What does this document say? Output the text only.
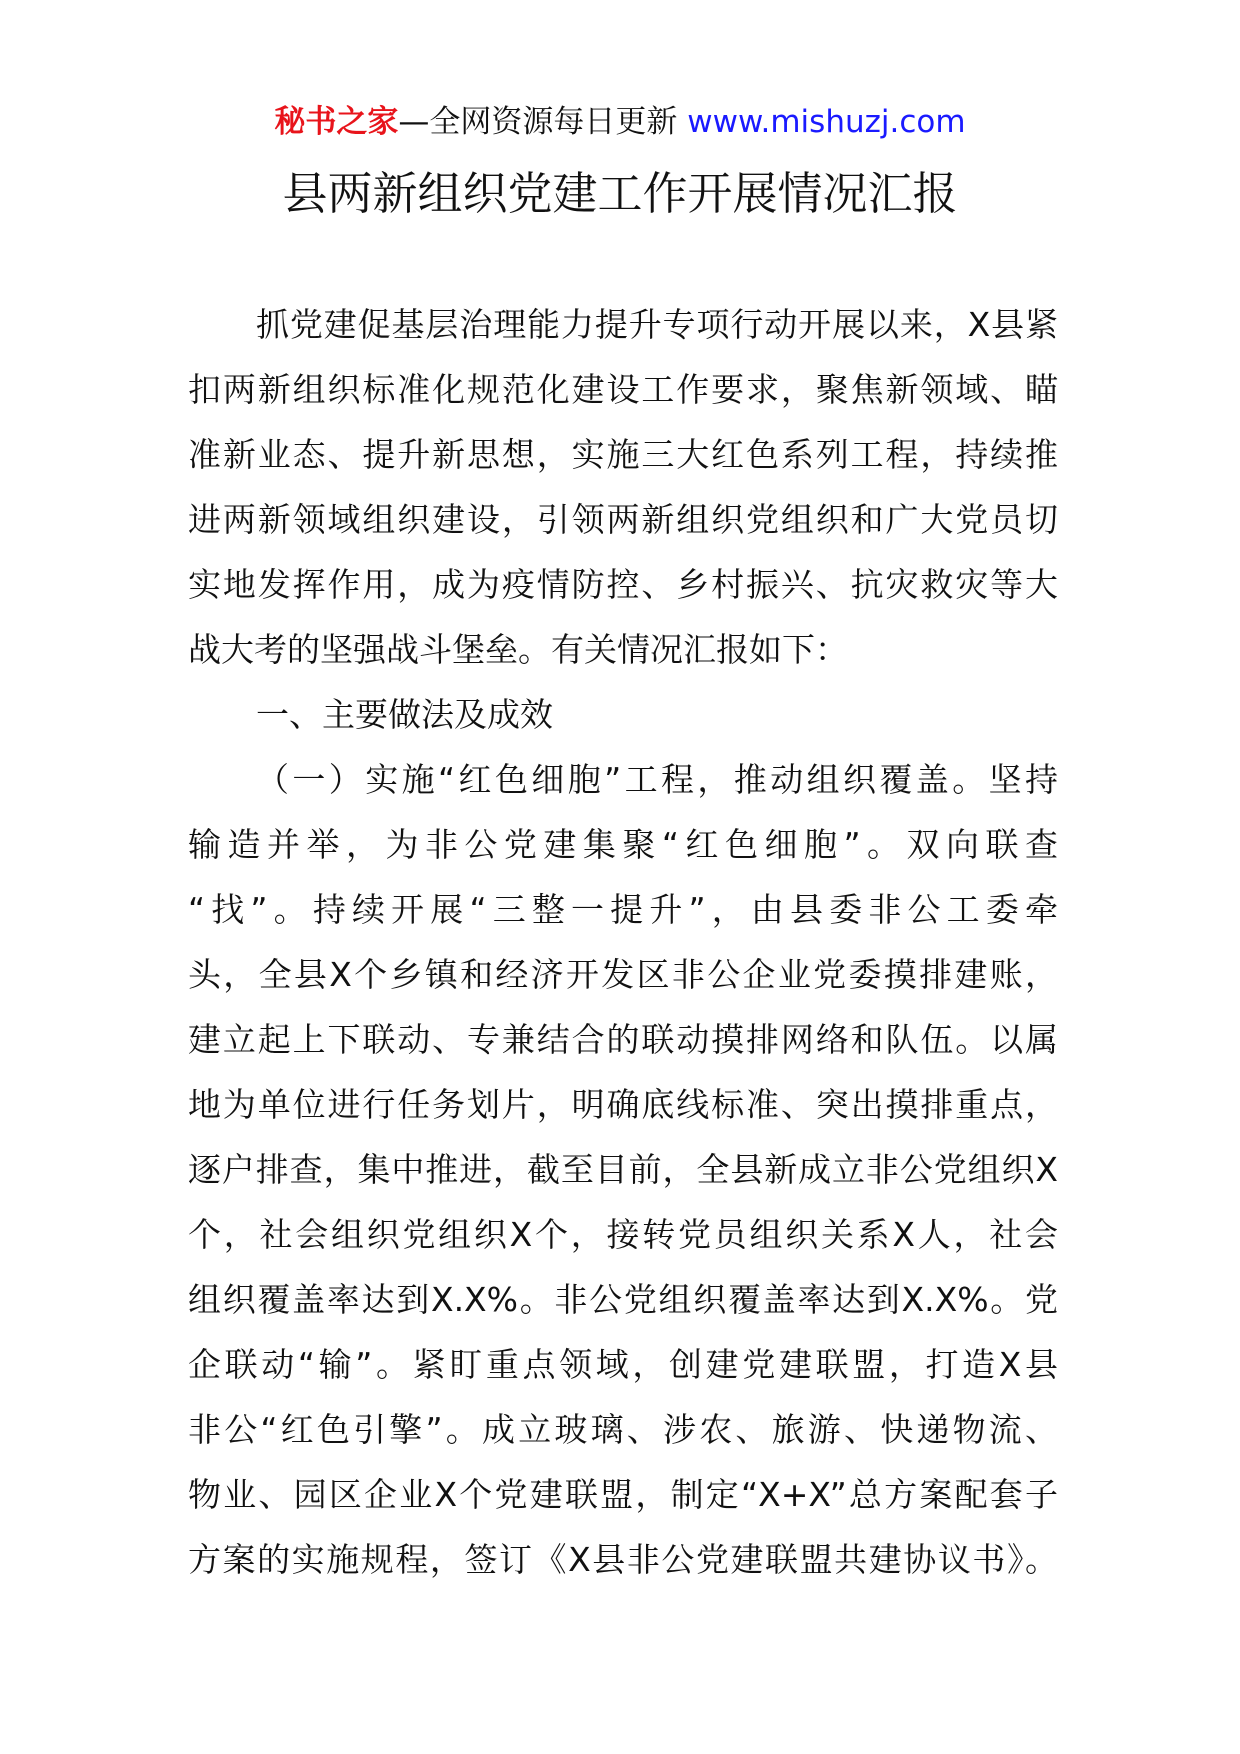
秘书之家—全网资源每日更新 www.mishuzj.com
县两新组织党建工作开展情况汇报
抓党建促基层治理能力提升专项行动开展以来，X县紧
扣两新组织标准化规范化建设工作要求，聚焦新领域、瞄
准新业态、提升新思想，实施三大红色系列工程，持续推
进两新领域组织建设，引领两新组织党组织和广大党员切
实地发挥作用，成为疫情防控、乡村振兴、抗灾救灾等大
战大考的坚强战斗堡垒。有关情况汇报如下：
一、主要做法及成效
（一）实施“红色细胞”工程，推动组织覆盖。坚持
输造并举，为非公党建集聚“红色细胞”。双向联查
“找”。持续开展“三整一提升”，由县委非公工委牵
头，全县X个乡镇和经济开发区非公企业党委摸排建账，
建立起上下联动、专兼结合的联动摸排网络和队伍。以属
地为单位进行任务划片，明确底线标准、突出摸排重点，
逐户排查，集中推进，截至目前，全县新成立非公党组织X
个，社会组织党组织X个，接转党员组织关系X人，社会
组织覆盖率达到X.X%。非公党组织覆盖率达到X.X%。党
企联动“输”。紧盯重点领域，创建党建联盟，打造X县
非公“红色引擎”。成立玻璃、涉农、旅游、快递物流、
物业、园区企业X个党建联盟，制定“X+X”总方案配套子
方案的实施规程，签订《X县非公党建联盟共建协议书》。
